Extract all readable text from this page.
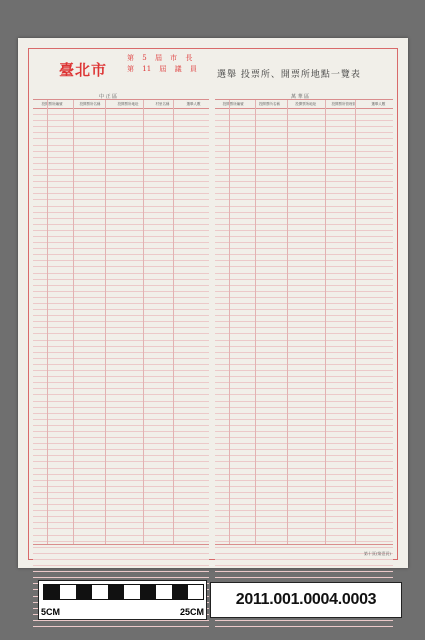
臺北市
第 5 屆 市 長
第 11 屆 議 員
選舉 投票所、開票所地點一覽表
中 正 區	萬 華 區
投開票所編號	投開票所名稱	投開票所地址	村里名稱	選舉人數	投開票所編號	投開票所名稱	投開票所地址	投開票所管理員	選舉人數
第十頁(第壹頁)
5CM	25CM
2011.001.0004.0003
